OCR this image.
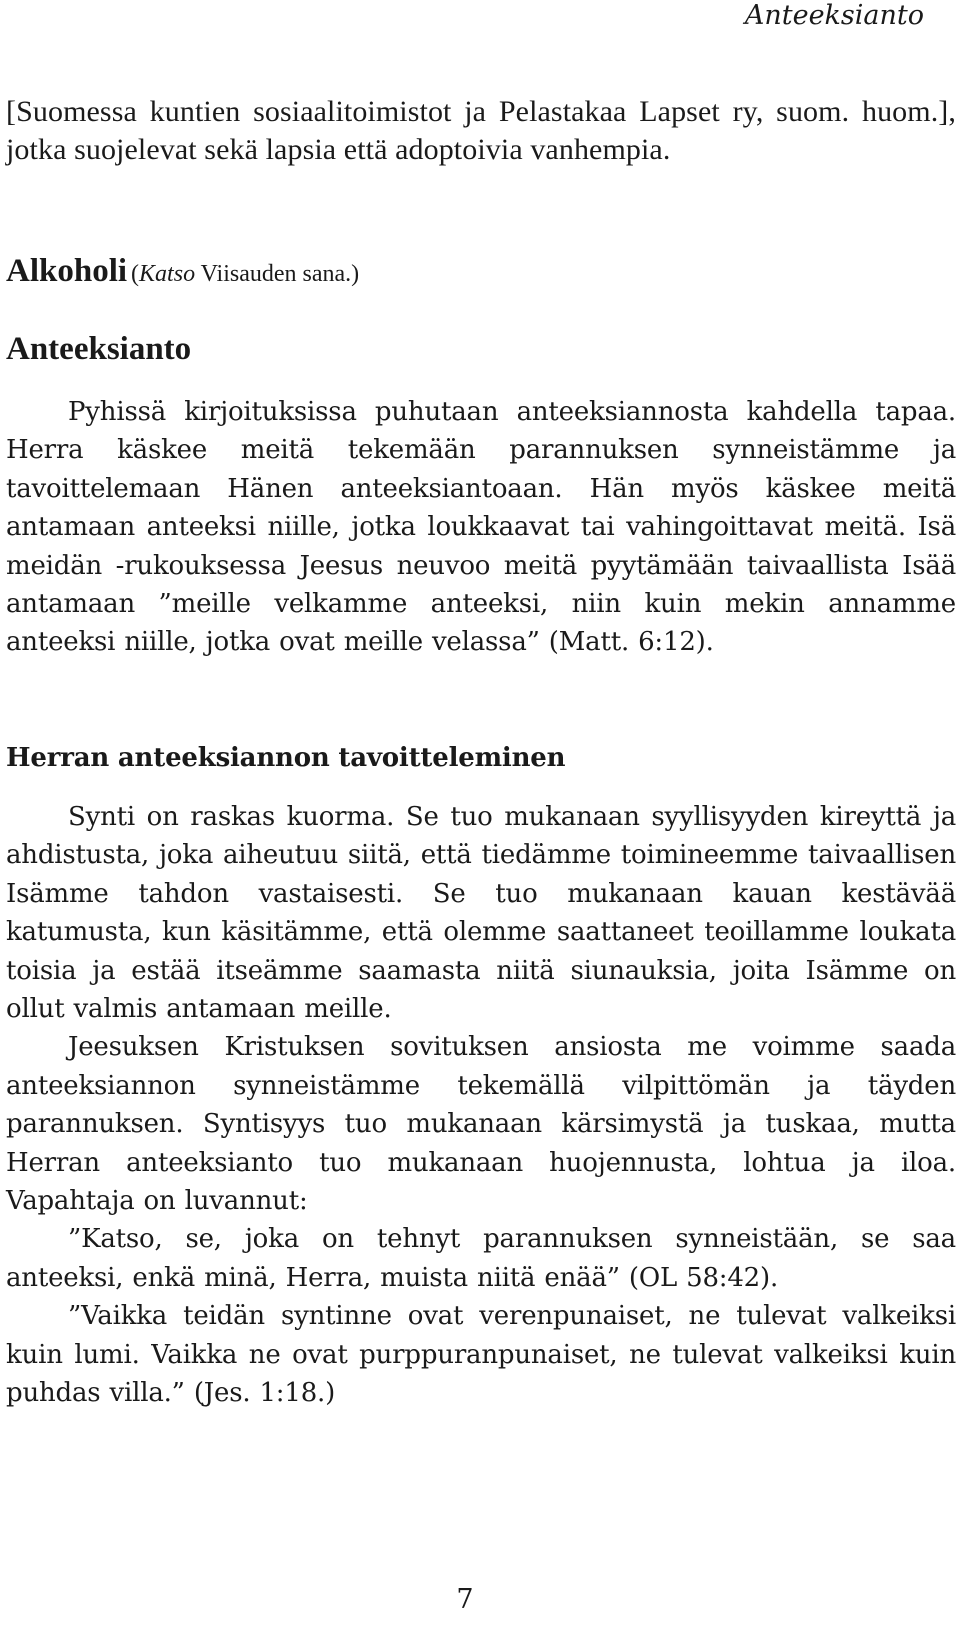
Anteeksianto

[Suomessa kuntien sosiaalitoimistot ja Pelastakaa Lapset ry, suom. huom.], jotka suojelevat sekä lapsia että adoptoivia vanhempia.

Alkoholi (Katso Viisauden sana.)

Anteeksianto

Pyhissä kirjoituksissa puhutaan anteeksiannosta kahdella tapaa. Herra käskee meitä tekemään parannuksen synneistämme ja tavoittelemaan Hänen anteeksiantoaan. Hän myös käskee meitä antamaan anteeksi niille, jotka loukkaavat tai vahingoittavat meitä. Isä meidän -rukouksessa Jeesus neuvoo meitä pyytämään taivaallista Isää antamaan ”meille velkamme anteeksi, niin kuin mekin annamme anteeksi niille, jotka ovat meille velassa” (Matt. 6:12).

Herran anteeksiannon tavoitteleminen

Synti on raskas kuorma. Se tuo mukanaan syyllisyyden kireyttä ja ahdistusta, joka aiheutuu siitä, että tiedämme toimineemme taivaallisen Isämme tahdon vastaisesti. Se tuo mukanaan kauan kestävää katumusta, kun käsitämme, että olemme saattaneet teoillamme loukata toisia ja estää itseämme saamasta niitä siunauksia, joita Isämme on ollut valmis antamaan meille.

Jeesuksen Kristuksen sovituksen ansiosta me voimme saada anteeksiannon synneistämme tekemällä vilpittömän ja täyden parannuksen. Syntisyys tuo mukanaan kärsimystä ja tuskaa, mutta Herran anteeksianto tuo mukanaan huojennusta, lohtua ja iloa. Vapahtaja on luvannut:

”Katso, se, joka on tehnyt parannuksen synneistään, se saa anteeksi, enkä minä, Herra, muista niitä enää” (OL 58:42).

”Vaikka teidän syntinne ovat verenpunaiset, ne tulevat valkeiksi kuin lumi. Vaikka ne ovat purppuranpunaiset, ne tulevat valkeiksi kuin puhdas villa.” (Jes. 1:18.)

7
